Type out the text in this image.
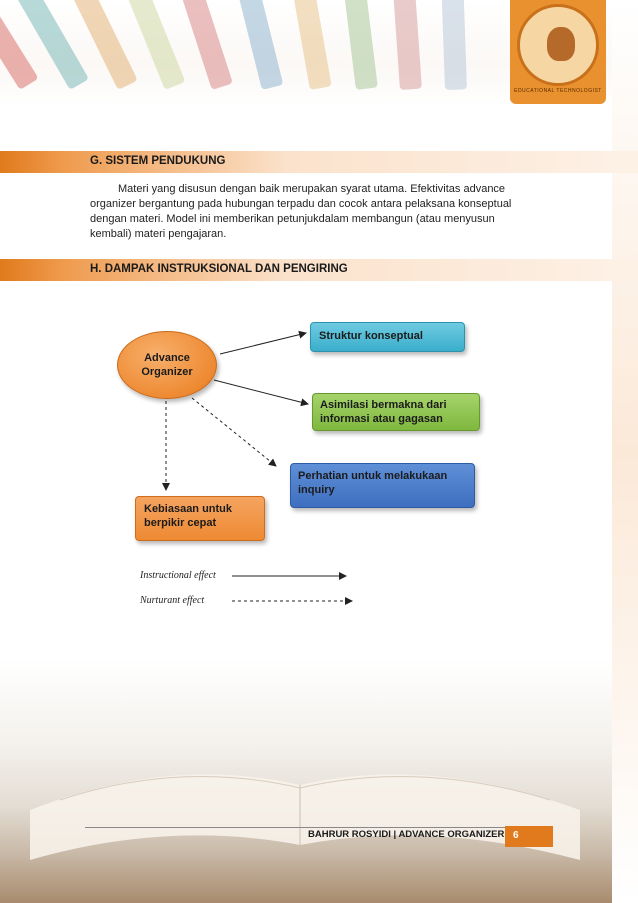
EDUCATIONAL TECHNOLOGIST
G. SISTEM PENDUKUNG

Materi yang disusun dengan baik merupakan syarat utama. Efektivitas advance

organizer bergantung pada hubungan terpadu dan cocok antara pelaksana konseptual

dengan materi. Model ini memberikan petunjukdalam membangun (atau menyusun

kembali) materi pengajaran.

H. DAMPAK INSTRUKSIONAL DAN PENGIRING
Advance
Organizer
Struktur konseptual
Asimilasi bermakna dari
informasi atau gagasan
Perhatian untuk melakukaan
inquiry
Kebiasaan untuk
berpikir cepat
Instructional effect
Nurturant effect
BAHRUR ROSYIDI | ADVANCE ORGANIZER 6
